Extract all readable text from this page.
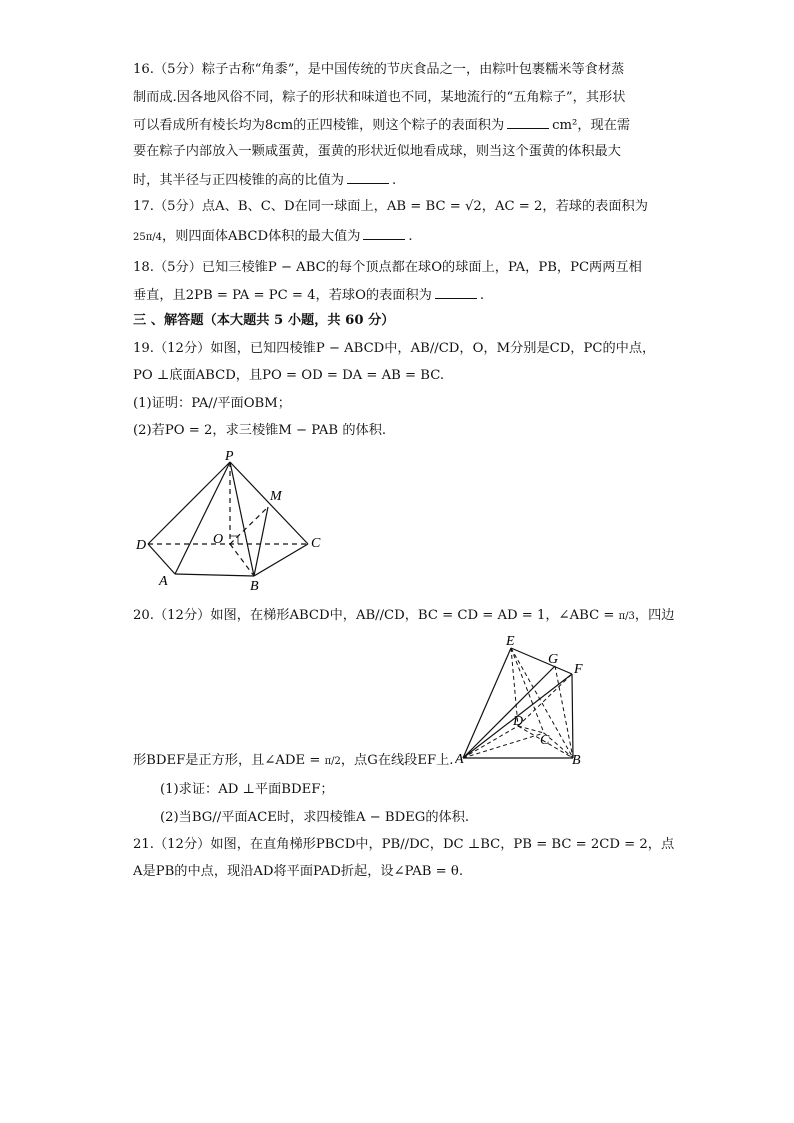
16.（5分）粽子古称“角黍”，是中国传统的节庆食品之一，由粽叶包裹糯米等食材蒸
制而成.因各地风俗不同，粽子的形状和味道也不同，某地流行的“五角粽子”，其形状
可以看成所有棱长均为8cm的正四棱锥，则这个粽子的表面积为	cm²，现在需
要在粽子内部放入一颗咸蛋黄，蛋黄的形状近似地看成球，则当这个蛋黄的体积最大
时，其半径与正四棱锥的高的比值为	.
17.（5分）点A、B、C、D在同一球面上，AB = BC = √2，AC = 2，若球的表面积为
25π/4，则四面体ABCD体积的最大值为	.
18.（5分）已知三棱锥P − ABC的每个顶点都在球O的球面上，PA，PB，PC两两互相
垂直，且2PB = PA = PC = 4，若球O的表面积为	.
三 、解答题（本大题共 5 小题，共 60 分）
19.（12分）如图，已知四棱锥P − ABCD中，AB//CD，O，M分别是CD，PC的中点，
PO ⊥底面ABCD，且PO = OD = DA = AB = BC.
(1)证明：PA//平面OBM；
(2)若PO = 2，求三棱锥M − PAB 的体积.
P
M
D	O	C
A	B
20.（12分）如图，在梯形ABCD中，AB//CD，BC = CD = AD = 1，∠ABC = π/3，四边
E
G
F
D
C
A	B
形BDEF是正方形，且∠ADE = π/2，点G在线段EF上.
(1)求证：AD ⊥平面BDEF；
(2)当BG//平面ACE时，求四棱锥A − BDEG的体积.
21.（12分）如图，在直角梯形PBCD中，PB//DC，DC ⊥BC，PB = BC = 2CD = 2，点
A是PB的中点，现沿AD将平面PAD折起，设∠PAB = θ.
